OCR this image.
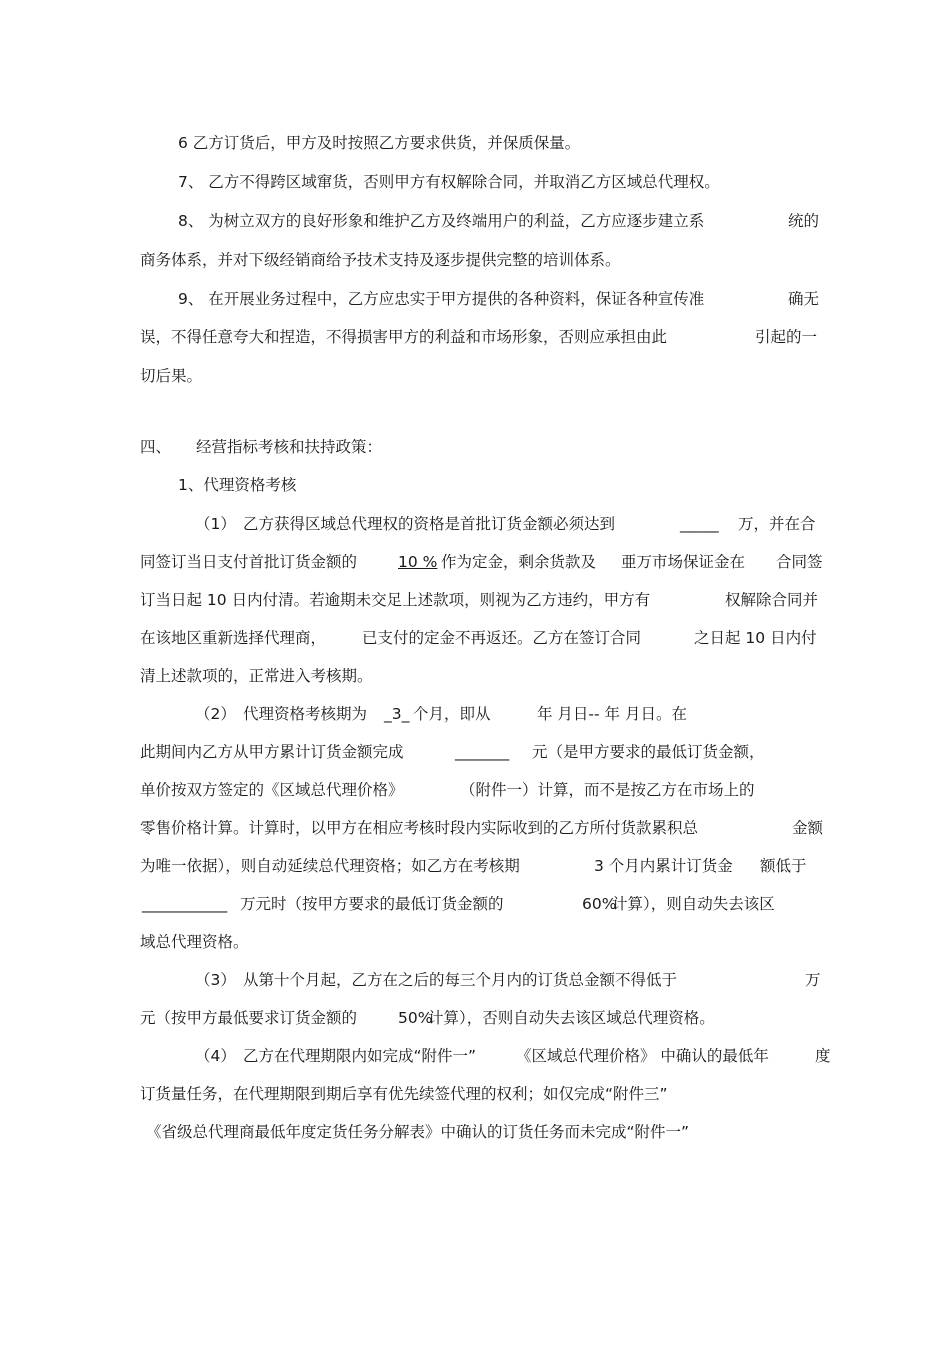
6 乙方订货后，甲方及时按照乙方要求供货，并保质保量。
7、 乙方不得跨区域窜货，否则甲方有权解除合同，并取消乙方区域总代理权。
8、 为树立双方的良好形象和维护乙方及终端用户的利益，乙方应逐步建立系	统的
商务体系，并对下级经销商给予技术支持及逐步提供完整的培训体系。
9、 在开展业务过程中，乙方应忠实于甲方提供的各种资料，保证各种宣传准	确无
误，不得任意夸大和捏造，不得损害甲方的利益和市场形象，否则应承担由此	引起的一
切后果。
四、 经营指标考核和扶持政策：
1、代理资格考核
（1） 乙方获得区域总代理权的资格是首批订货金额必须达到	_____ 万，并在合
同签订当日支付首批订货金额的	10 % 作为定金，剩余货款及 亜万市场保证金在 合同签
订当日起 10 日内付清。若逾期未交足上述款项，则视为乙方违约，甲方有	权解除合同并
在该地区重新选择代理商， 已支付的定金不再返还。乙方在签订合同	之日起 10 日内付
清上述款项的，正常进入考核期。
（2） 代理资格考核期为 _3_ 个月，即从	年 月日-- 年 月日。在
此期间内乙方从甲方累计订货金额完成	_______ 元（是甲方要求的最低订货金额，
单价按双方签定的《区域总代理价格》	（附件一）计算，而不是按乙方在市场上的
零售价格计算。计算时，以甲方在相应考核时段内实际收到的乙方所付货款累积总	金额
为唯一依据），则自动延续总代理资格；如乙方在考核期	3 个月内累计订货金 额低于
___________ 万元时（按甲方要求的最低订货金额的	60%
计算），则自动失去该区
域总代理资格。
（3） 从第十个月起，乙方在之后的每三个月内的订货总金额不得低于	万
元（按甲方最低要求订货金额的	50%
计算），否则自动失去该区域总代理资格。
（4） 乙方在代理期限内如完成“附件一”	《区域总代理价格》 中确认的最低年	度
订货量任务，在代理期限到期后享有优先续签代理的权利；如仅完成“附件三”
《省级总代理商最低年度定货任务分解表》中确认的订货任务而未完成“附件一”
